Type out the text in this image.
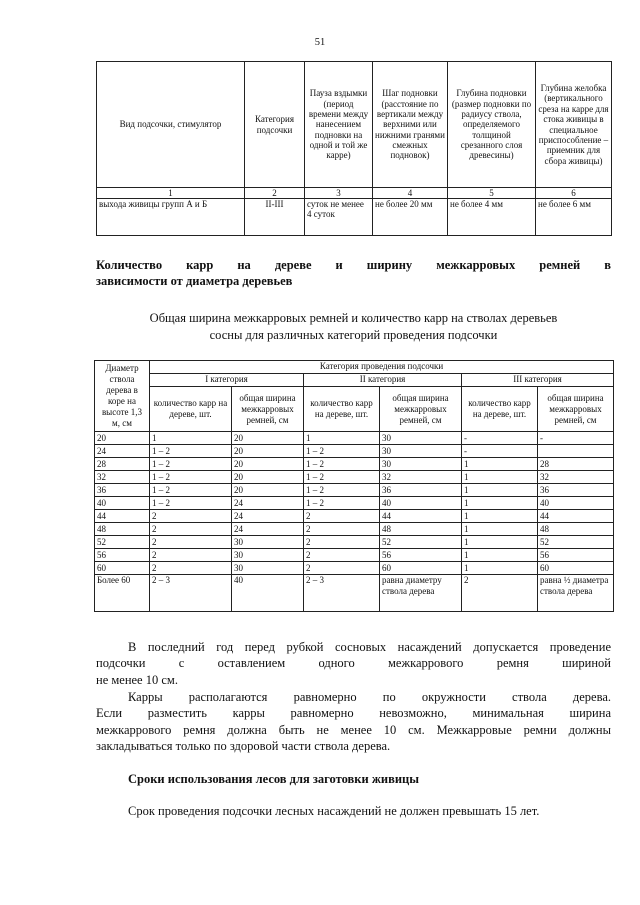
51
Вид подсочки, стимулятор	Категория подсочки	Пауза вздымки (период времени между нанесением подновки на одной и той же карре)	Шаг подновки (расстояние по вертикали между верхними или нижними гранями смежных подновок)	Глубина подновки (размер подновки по радиусу ствола, определяемого толщиной срезанного слоя древесины)	Глубина желобка (вертикального среза на карре для стока живицы в специальное приспособление – приемник для сбора живицы)
1	2	3	4	5	6
выхода живицы групп А и Б	II-III	суток не менее 4 суток	не более 20 мм	не более 4 мм	не более 6 мм
Количество карр на дереве и ширину межкарровых ремней в
зависимости от диаметра деревьев
Общая ширина межкарровых ремней и количество карр на стволах деревьев
сосны для различных категорий проведения подсочки
Диаметр ствола дерева в коре на высоте 1,3 м, см	Категория проведения подсочки					
	I категория		II категория		III категория	
	количество карр на дереве, шт.	общая ширина межкарровых ремней, см	количество карр на дереве, шт.	общая ширина межкарровых ремней, см	количество карр на дереве, шт.	общая ширина межкарровых ремней, см
20	1	20	1	30	-	-
24	1 – 2	20	1 – 2	30	-	
28	1 – 2	20	1 – 2	30	1	28
32	1 – 2	20	1 – 2	32	1	32
36	1 – 2	20	1 – 2	36	1	36
40	1 – 2	24	1 – 2	40	1	40
44	2	24	2	44	1	44
48	2	24	2	48	1	48
52	2	30	2	52	1	52
56	2	30	2	56	1	56
60	2	30	2	60	1	60
Более 60	2 – 3	40	2 – 3	равна диаметру ствола дерева	2	равна ½ диаметра ствола дерева
В последний год перед рубкой сосновых насаждений допускается проведение
подсочки с оставлением одного межкаррового ремня шириной
не менее 10 см.
Карры располагаются равномерно по окружности ствола дерева.
Если разместить карры равномерно невозможно, минимальная ширина
межкаррового ремня должна быть не менее 10 см. Межкарровые ремни должны
закладываться только по здоровой части ствола дерева.
Сроки использования лесов для заготовки живицы
Срок проведения подсочки лесных насаждений не должен превышать 15 лет.
